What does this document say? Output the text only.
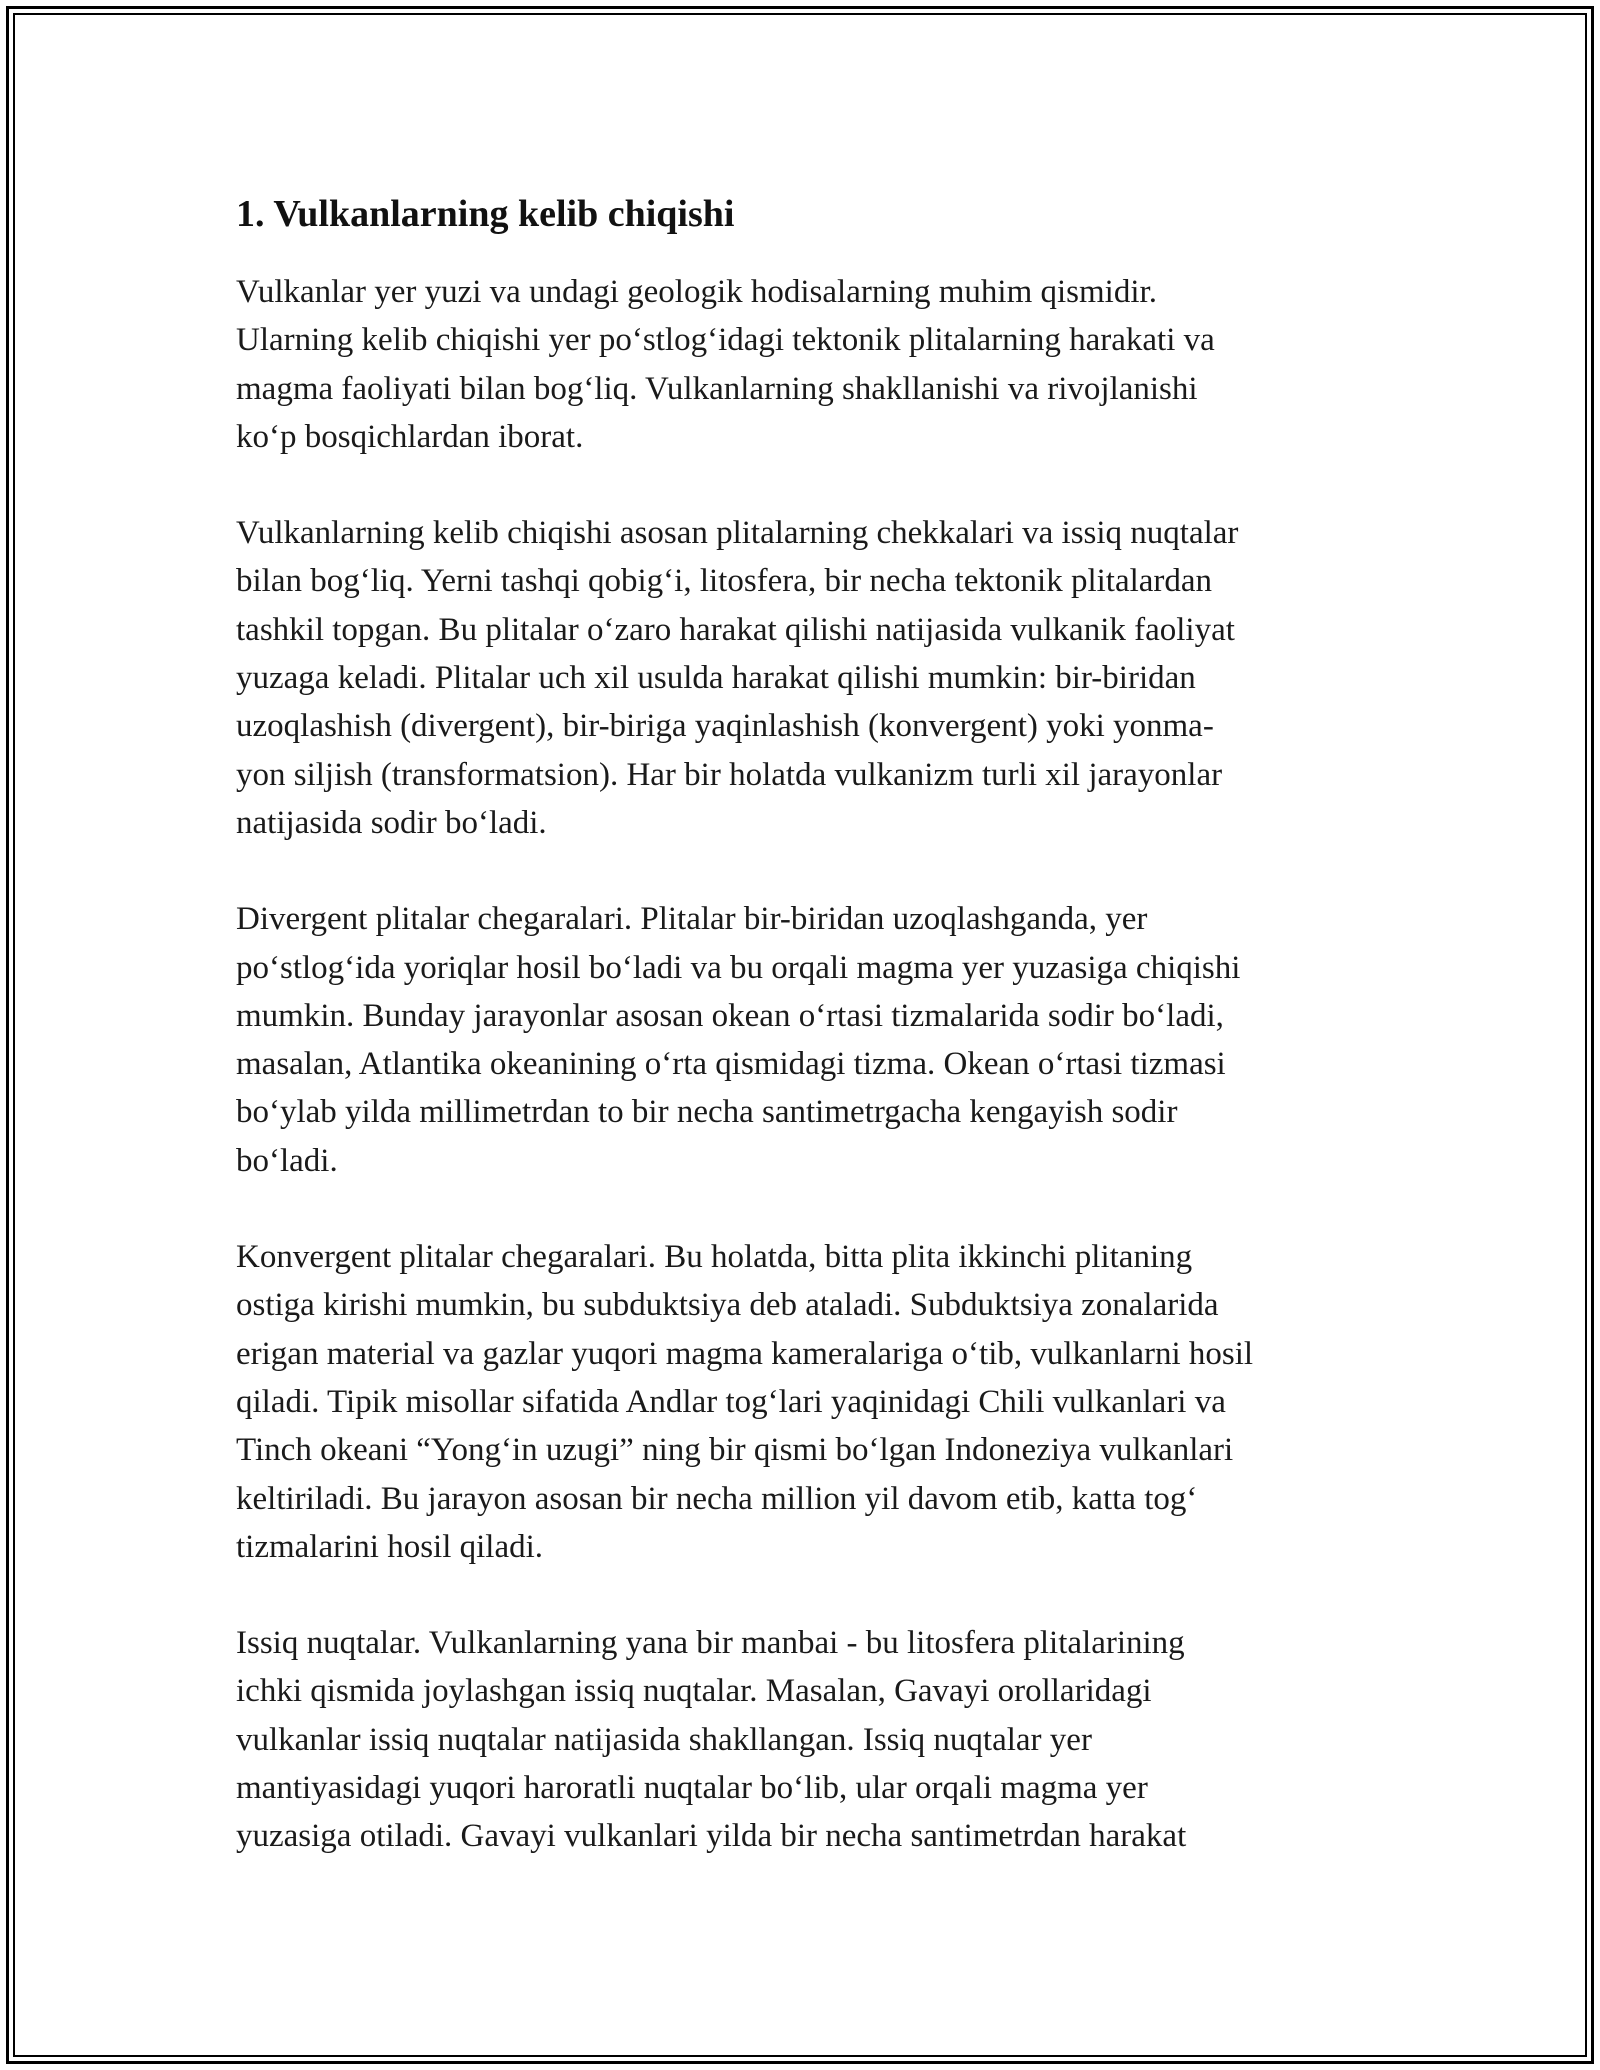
1. Vulkanlarning kelib chiqishi

Vulkanlar yer yuzi va undagi geologik hodisalarning muhim qismidir.
Ularning kelib chiqishi yer po‘stlog‘idagi tektonik plitalarning harakati va
magma faoliyati bilan bog‘liq. Vulkanlarning shakllanishi va rivojlanishi
ko‘p bosqichlardan iborat.

Vulkanlarning kelib chiqishi asosan plitalarning chekkalari va issiq nuqtalar
bilan bog‘liq. Yerni tashqi qobig‘i, litosfera, bir necha tektonik plitalardan
tashkil topgan. Bu plitalar o‘zaro harakat qilishi natijasida vulkanik faoliyat
yuzaga keladi. Plitalar uch xil usulda harakat qilishi mumkin: bir-biridan
uzoqlashish (divergent), bir-biriga yaqinlashish (konvergent) yoki yonma-
yon siljish (transformatsion). Har bir holatda vulkanizm turli xil jarayonlar
natijasida sodir bo‘ladi.

Divergent plitalar chegaralari. Plitalar bir-biridan uzoqlashganda, yer
po‘stlog‘ida yoriqlar hosil bo‘ladi va bu orqali magma yer yuzasiga chiqishi
mumkin. Bunday jarayonlar asosan okean o‘rtasi tizmalarida sodir bo‘ladi,
masalan, Atlantika okeanining o‘rta qismidagi tizma. Okean o‘rtasi tizmasi
bo‘ylab yilda millimetrdan to bir necha santimetrgacha kengayish sodir
bo‘ladi.

Konvergent plitalar chegaralari. Bu holatda, bitta plita ikkinchi plitaning
ostiga kirishi mumkin, bu subduktsiya deb ataladi. Subduktsiya zonalarida
erigan material va gazlar yuqori magma kameralariga o‘tib, vulkanlarni hosil
qiladi. Tipik misollar sifatida Andlar tog‘lari yaqinidagi Chili vulkanlari va
Tinch okeani “Yong‘in uzugi” ning bir qismi bo‘lgan Indoneziya vulkanlari
keltiriladi. Bu jarayon asosan bir necha million yil davom etib, katta tog‘
tizmalarini hosil qiladi.

Issiq nuqtalar. Vulkanlarning yana bir manbai - bu litosfera plitalarining
ichki qismida joylashgan issiq nuqtalar. Masalan, Gavayi orollaridagi
vulkanlar issiq nuqtalar natijasida shakllangan. Issiq nuqtalar yer
mantiyasidagi yuqori haroratli nuqtalar bo‘lib, ular orqali magma yer
yuzasiga otiladi. Gavayi vulkanlari yilda bir necha santimetrdan harakat
